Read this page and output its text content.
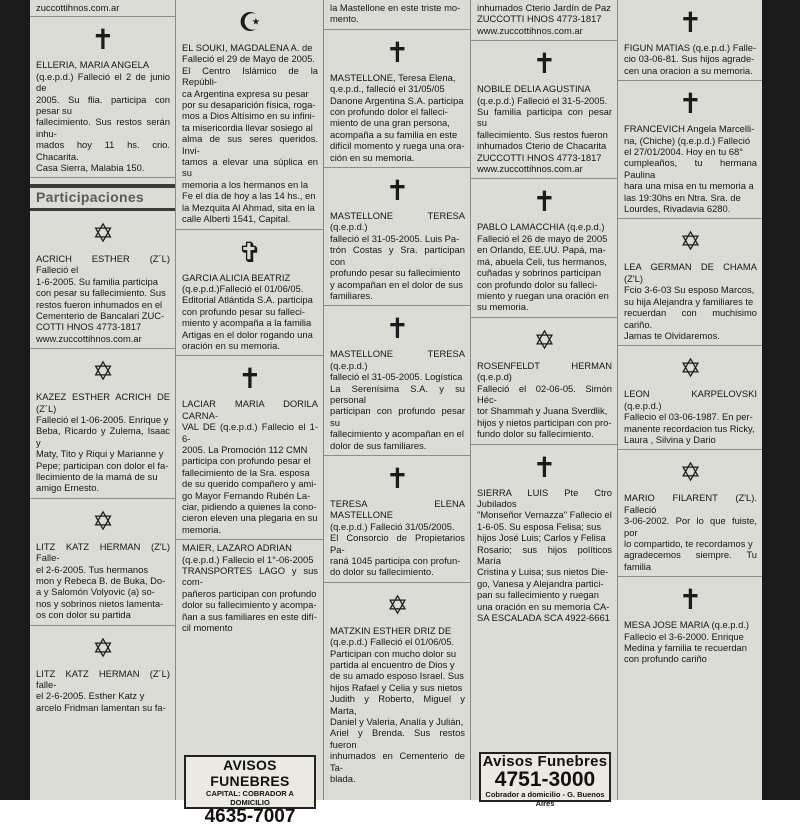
zuccottihnos.com.ar
✝
ELLERIA, MARIA ANGELA
(q.e.p.d.) Falleció el 2 de junio de
2005. Su flia. participa con pesar su
fallecimiento. Sus restos serán inhu-
mados hoy 11 hs. crio. Chacarita.
Casa Sierra, Malabia 150.
Participaciones
✡
ACRICH ESTHER (Z´L) Falleció el
1-6-2005. Su familia participa
con pesar su fallecimiento. Sus
restos fueron inhumados en el
Cementerio de Bancalari ZUC-
COTTI HNOS 4773-1817
www.zuccottihnos.com.ar
✡
KAZEZ ESTHER ACRICH DE (Z´L)
Falleció el 1-06-2005. Enrique y
Beba, Ricardo y Zulema, Isaac y
Maty, Tito y Riqui y Marianne y
Pepe; participan con dolor el fa-
llecimiento de la mamá de su
amigo Ernesto.
✡
LITZ KATZ HERMAN (Z'L) Falle-
el 2-6-2005. Tus hermanos
mon y Rebeca B. de Buka, Do-
a y Salomón Volyovic (a) so-
nos y sobrinos nietos lamenta-
os con dolor su partida
✡
LITZ KATZ HERMAN (Z´L) falle-
el 2-6-2005. Esther Katz y
arcelo Fridman lamentan su fa-
☪
EL SOUKI, MAGDALENA A. de
Falleció el 29 de Mayo de 2005.
El Centro Islámico de la Repúbli-
ca Argentina expresa su pesar
por su desaparición física, roga-
mos a Dios Altísimo en su infini-
ta misericordia llevar sosiego al
alma de sus seres queridos. Invi-
tamos a elevar una súplica en su
memoria a los hermanos en la
Fe el día de hoy a las 14 hs., en
la Mezquita Al Ahmad, sita en la
calle Alberti 1541, Capital.
✞
GARCIA ALICIA BEATRIZ
(q.e.p.d.)Falleció el 01/06/05.
Editorial Atlántida S.A. participa
con profundo pesar su falleci-
miento y acompaña a la familia
Artigas en el dolor rogando una
oración en su memoria.
✝
LACIAR MARIA DORILA CARNA-
VAL DE (q.e.p.d.) Fallecio el 1-6-
2005. La Promoción 112 CMN
participa con profundo pesar el
fallecimiento de la Sra. esposa
de su querido compañero y ami-
go Mayor Fernando Rubén La-
ciar, pidiendo a quienes la cono-
cieron eleven una plegaria en su
memoria.
MAIER, LAZARO ADRIAN
(q.e.p.d.) Fallecio el 1°-06-2005
TRANSPORTES LAGO y sus com-
pañeros participan con profundo
dolor su fallecimiento y acompa-
ñan a sus familiares en este difí-
cil momento
AVISOS FUNEBRES
CAPITAL: COBRADOR A DOMICILIO
4635-7007
la Mastellone en este triste mo-
mento.
✝
MASTELLONE, Teresa Elena,
q.e.p.d., falleció el 31/05/05
Danone Argentina S.A. participa
con profundo dolor el falleci-
miento de una gran persona,
acompaña a su familia en este
difícil momento y ruega una ora-
ción en su memoria.
✝
MASTELLONE TERESA (q.e.p.d.)
falleció el 31-05-2005. Luis Pa-
trón Costas y Sra. participan con
profundo pesar su fallecimiento
y acompañan en el dolor de sus
familiares.
✝
MASTELLONE TERESA (q.e.p.d.)
falleció el 31-05-2005. Logística
La Serenísima S.A. y su personal
participan con profundo pesar su
fallecimiento y acompañan en el
dolor de sus familiares.
✝
TERESA ELENA MASTELLONE
(q.e.p.d.) Falleció 31/05/2005.
El Consorcio de Propietarios Pa-
raná 1045 participa con profun-
do dolor su fallecimiento.
✡
MATZKIN ESTHER DRIZ DE
(q.e.p.d.) Falleció el 01/06/05.
Participan con mucho dolor su
partida al encuentro de Dios y
de su amado esposo Israel. Sus
hijos Rafael y Celia y sus nietos
Judith y Roberto, Miguel y Marta,
Daniel y Valeria, Analía y Julián,
Ariel y Brenda. Sus restos fueron
inhumados en Cementerio de Ta-
blada.
inhumados Cterio Jardín de Paz
ZUCCOTTI HNOS 4773-1817
www.zuccottihnos.com.ar
✝
NOBILE DELIA AGUSTINA
(q.e.p.d.) Falleció el 31-5-2005.
Su familia participa con pesar su
fallecimiento. Sus restos fueron
inhumados Cterio de Chacarita
ZUCCOTTI HNOS 4773-1817
www.zuccottihnos.com.ar
✝
PABLO LAMACCHIA (q.e.p.d.)
Falleció el 26 de mayo de 2005
en Orlando, EE.UU. Papá, ma-
má, abuela Celi, tus hermanos,
cuñadas y sobrinos participan
con profundo dolor su falleci-
miento y ruegan una oración en
su memoria.
✡
ROSENFELDT HERMAN (q.e.p.d)
Falleció el 02-06-05. Simón Héc-
tor Shammah y Juana Sverdlik,
hijos y nietos participan con pro-
fundo dolor su fallecimiento.
✝
SIERRA LUIS Pte Ctro Jubilados
"Monseñor Vernazza" Fallecio el
1-6-05. Su esposa Felisa; sus
hijos José Luis; Carlos y Felisa
Rosario; sus hijos políticos María
Cristina y Luisa; sus nietos Die-
go, Vanesa y Alejandra partici-
pan su fallecimiento y ruegan
una oración en su memoria CA-
SA ESCALADA SCA 4922-6661
Avisos Funebres
4751-3000
Cobrador a domicilio - G. Buenos Aires
✝
FIGUN MATIAS (q.e.p.d.) Falle-
cio 03-06-81. Sus hijos agrade-
cen una oracion a su memoria.
✝
FRANCEVICH Angela Marcelli-
na, (Chiche) (q.e.p.d.) Falleció
el 27/01/2004. Hoy en tu 68°
cumpleaños, tu hermana Paulina
hara una misa en tu memoria a
las 19:30hs en Ntra. Sra. de
Lourdes, Rivadavia 6280.
✡
LEA GERMAN DE CHAMA (Z'L)
Fcio 3-6-03 Su esposo Marcos,
su hija Alejandra y familiares te
recuerdan con muchisimo cariño.
Jamas te Olvidaremos.
✡
LEON KARPELOVSKI (q.e.p.d.)
Fallecio el 03-06-1987. En per-
manente recordacion tus Ricky,
Laura , Silvina y Dario
✡
MARIO FILARENT (Z'L). Falleció
3-06-2002. Por lo que fuiste, por
lo compartido, te recordamos y
agradecemos siempre. Tu familia
✝
MESA JOSE MARIA (q.e.p.d.)
Fallecio el 3-6-2000. Enrique
Medina y familia te recuerdan
con profundo cariño
